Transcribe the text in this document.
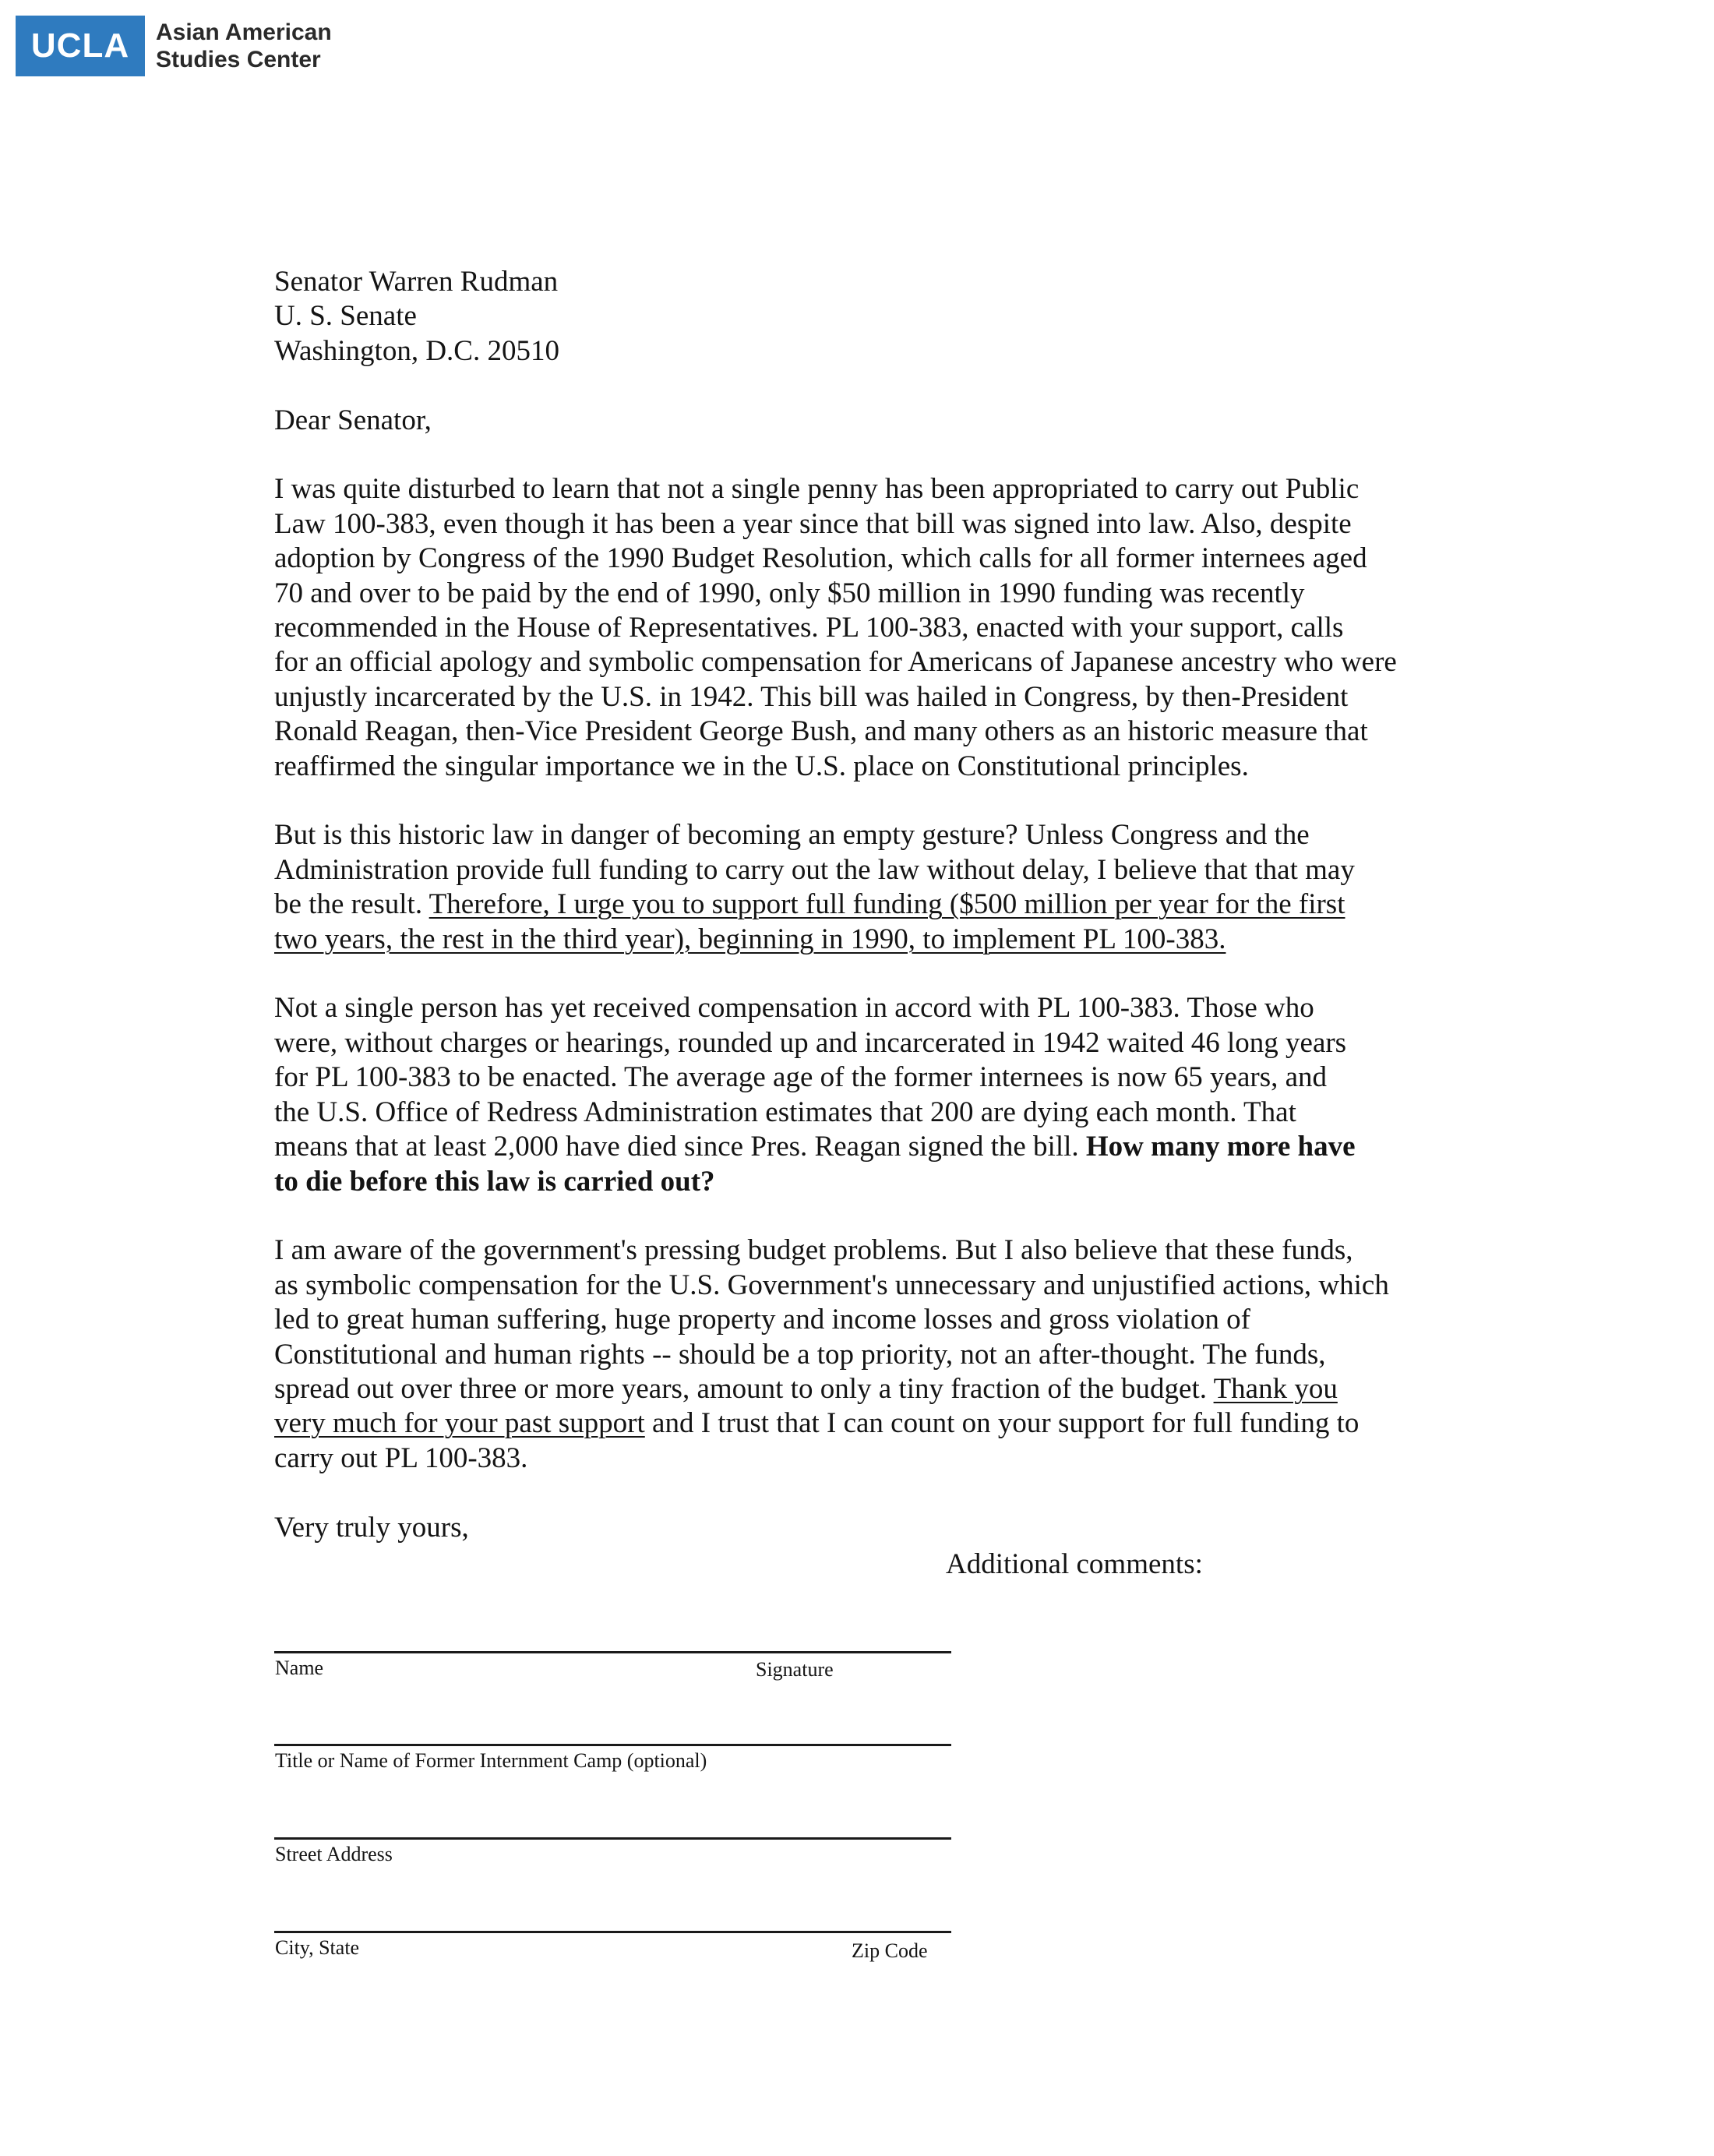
UCLA	Asian American
Studies Center
Senator Warren Rudman
U. S. Senate
Washington, D.C. 20510

Dear Senator,

I was quite disturbed to learn that not a single penny has been appropriated to carry out Public
Law 100-383, even though it has been a year since that bill was signed into law. Also, despite
adoption by Congress of the 1990 Budget Resolution, which calls for all former internees aged
70 and over to be paid by the end of 1990, only $50 million in 1990 funding was recently
recommended in the House of Representatives. PL 100-383, enacted with your support, calls
for an official apology and symbolic compensation for Americans of Japanese ancestry who were
unjustly incarcerated by the U.S. in 1942. This bill was hailed in Congress, by then-President
Ronald Reagan, then-Vice President George Bush, and many others as an historic measure that
reaffirmed the singular importance we in the U.S. place on Constitutional principles.

But is this historic law in danger of becoming an empty gesture? Unless Congress and the
Administration provide full funding to carry out the law without delay, I believe that that may
be the result. Therefore, I urge you to support full funding ($500 million per year for the first
two years, the rest in the third year), beginning in 1990, to implement PL 100-383.

Not a single person has yet received compensation in accord with PL 100-383. Those who
were, without charges or hearings, rounded up and incarcerated in 1942 waited 46 long years
for PL 100-383 to be enacted. The average age of the former internees is now 65 years, and
the U.S. Office of Redress Administration estimates that 200 are dying each month. That
means that at least 2,000 have died since Pres. Reagan signed the bill. How many more have
to die before this law is carried out?

I am aware of the government's pressing budget problems. But I also believe that these funds,
as symbolic compensation for the U.S. Government's unnecessary and unjustified actions, which
led to great human suffering, huge property and income losses and gross violation of
Constitutional and human rights -- should be a top priority, not an after-thought. The funds,
spread out over three or more years, amount to only a tiny fraction of the budget. Thank you
very much for your past support and I trust that I can count on your support for full funding to
carry out PL 100-383.

Very truly yours,

Additional comments:
Name	Signature
Title or Name of Former Internment Camp (optional)
Street Address
City, State	Zip Code
